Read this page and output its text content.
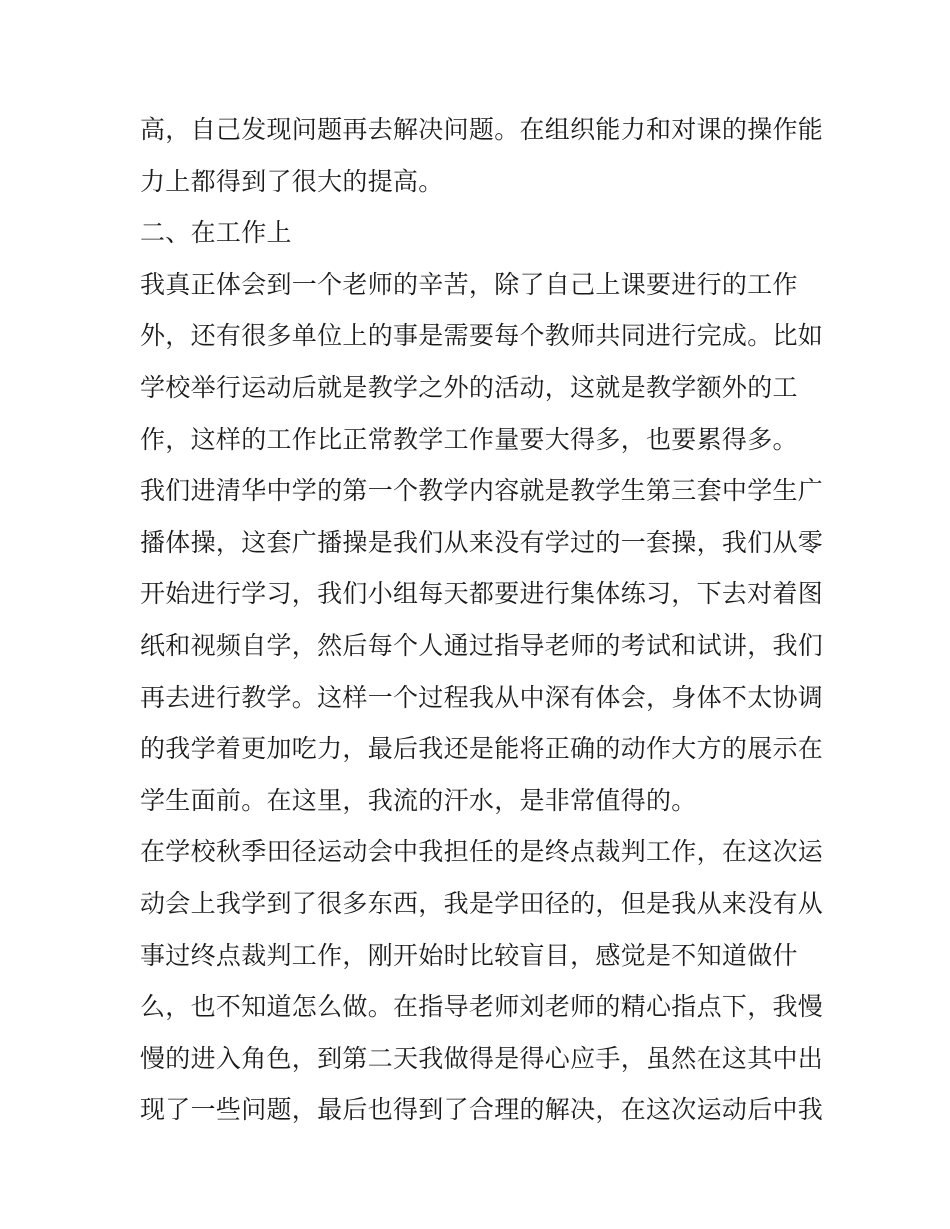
高，自己发现问题再去解决问题。在组织能力和对课的操作能
力上都得到了很大的提高。
二、在工作上
我真正体会到一个老师的辛苦，除了自己上课要进行的工作
外，还有很多单位上的事是需要每个教师共同进行完成。比如
学校举行运动后就是教学之外的活动，这就是教学额外的工
作，这样的工作比正常教学工作量要大得多，也要累得多。
我们进清华中学的第一个教学内容就是教学生第三套中学生广
播体操，这套广播操是我们从来没有学过的一套操，我们从零
开始进行学习，我们小组每天都要进行集体练习，下去对着图
纸和视频自学，然后每个人通过指导老师的考试和试讲，我们
再去进行教学。这样一个过程我从中深有体会，身体不太协调
的我学着更加吃力，最后我还是能将正确的动作大方的展示在
学生面前。在这里，我流的汗水，是非常值得的。
在学校秋季田径运动会中我担任的是终点裁判工作，在这次运
动会上我学到了很多东西，我是学田径的，但是我从来没有从
事过终点裁判工作，刚开始时比较盲目，感觉是不知道做什
么，也不知道怎么做。在指导老师刘老师的精心指点下，我慢
慢的进入角色，到第二天我做得是得心应手，虽然在这其中出
现了一些问题，最后也得到了合理的解决，在这次运动后中我
